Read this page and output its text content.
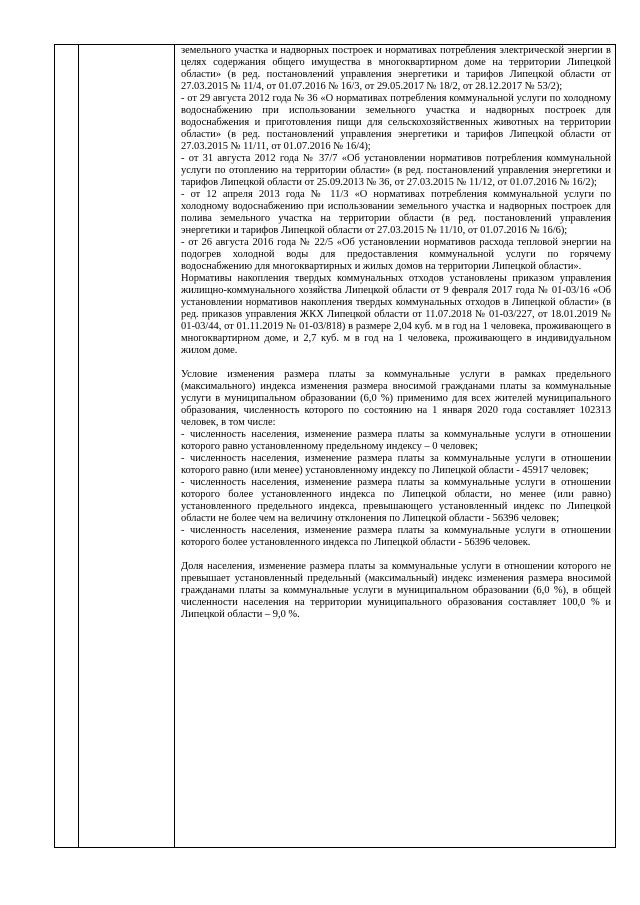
земельного участка и надворных построек и нормативах потребления электрической энергии в целях содержания общего имущества в многоквартирном доме на территории Липецкой области» (в ред. постановлений управления энергетики и тарифов Липецкой области от 27.03.2015 № 11/4, от 01.07.2016 № 16/3, от 29.05.2017 № 18/2, от 28.12.2017 № 53/2);

- от 29 августа 2012 года № 36 «О нормативах потребления коммунальной услуги по холодному водоснабжению при использовании земельного участка и надворных построек для водоснабжения и приготовления пищи для сельскохозяйственных животных на территории области» (в ред. постановлений управления энергетики и тарифов Липецкой области от 27.03.2015 № 11/11, от 01.07.2016 № 16/4);

- от 31 августа 2012 года № 37/7 «Об установлении нормативов потребления коммунальной услуги по отоплению на территории области» (в ред. постановлений управления энергетики и тарифов Липецкой области от 25.09.2013 № 36, от 27.03.2015 № 11/12, от 01.07.2016 № 16/2);

- от 12 апреля 2013 года № 11/3 «О нормативах потребления коммунальной услуги по холодному водоснабжению при использовании земельного участка и надворных построек для полива земельного участка на территории области (в ред. постановлений управления энергетики и тарифов Липецкой области от 27.03.2015 № 11/10, от 01.07.2016 № 16/6);

- от 26 августа 2016 года № 22/5 «Об установлении нормативов расхода тепловой энергии на подогрев холодной воды для предоставления коммунальной услуги по горячему водоснабжению для многоквартирных и жилых домов на территории Липецкой области».

Нормативы накопления твердых коммунальных отходов установлены приказом управления жилищно-коммунального хозяйства Липецкой области от 9 февраля 2017 года № 01-03/16 «Об установлении нормативов накопления твердых коммунальных отходов в Липецкой области» (в ред. приказов управления ЖКХ Липецкой области от 11.07.2018 № 01-03/227, от 18.01.2019 № 01-03/44, от 01.11.2019 № 01-03/818) в размере 2,04 куб. м в год на 1 человека, проживающего в многоквартирном доме, и 2,7 куб. м в год на 1 человека, проживающего в индивидуальном жилом доме.

Условие изменения размера платы за коммунальные услуги в рамках предельного (максимального) индекса изменения размера вносимой гражданами платы за коммунальные услуги в муниципальном образовании (6,0 %) применимо для всех жителей муниципального образования, численность которого по состоянию на 1 января 2020 года составляет 102313 человек, в том числе:

- численность населения, изменение размера платы за коммунальные услуги в отношении которого равно установленному предельному индексу – 0 человек;

- численность населения, изменение размера платы за коммунальные услуги в отношении которого равно (или менее) установленному индексу по Липецкой области - 45917 человек;

- численность населения, изменение размера платы за коммунальные услуги в отношении которого более установленного индекса по Липецкой области, но менее (или равно) установленного предельного индекса, превышающего установленный индекс по Липецкой области не более чем на величину отклонения по Липецкой области - 56396 человек;

- численность населения, изменение размера платы за коммунальные услуги в отношении которого более установленного индекса по Липецкой области - 56396 человек.

Доля населения, изменение размера платы за коммунальные услуги в отношении которого не превышает установленный предельный (максимальный) индекс изменения размера вносимой гражданами платы за коммунальные услуги в муниципальном образовании (6,0 %), в общей численности населения на территории муниципального образования составляет 100,0 % и Липецкой области – 9,0 %.
